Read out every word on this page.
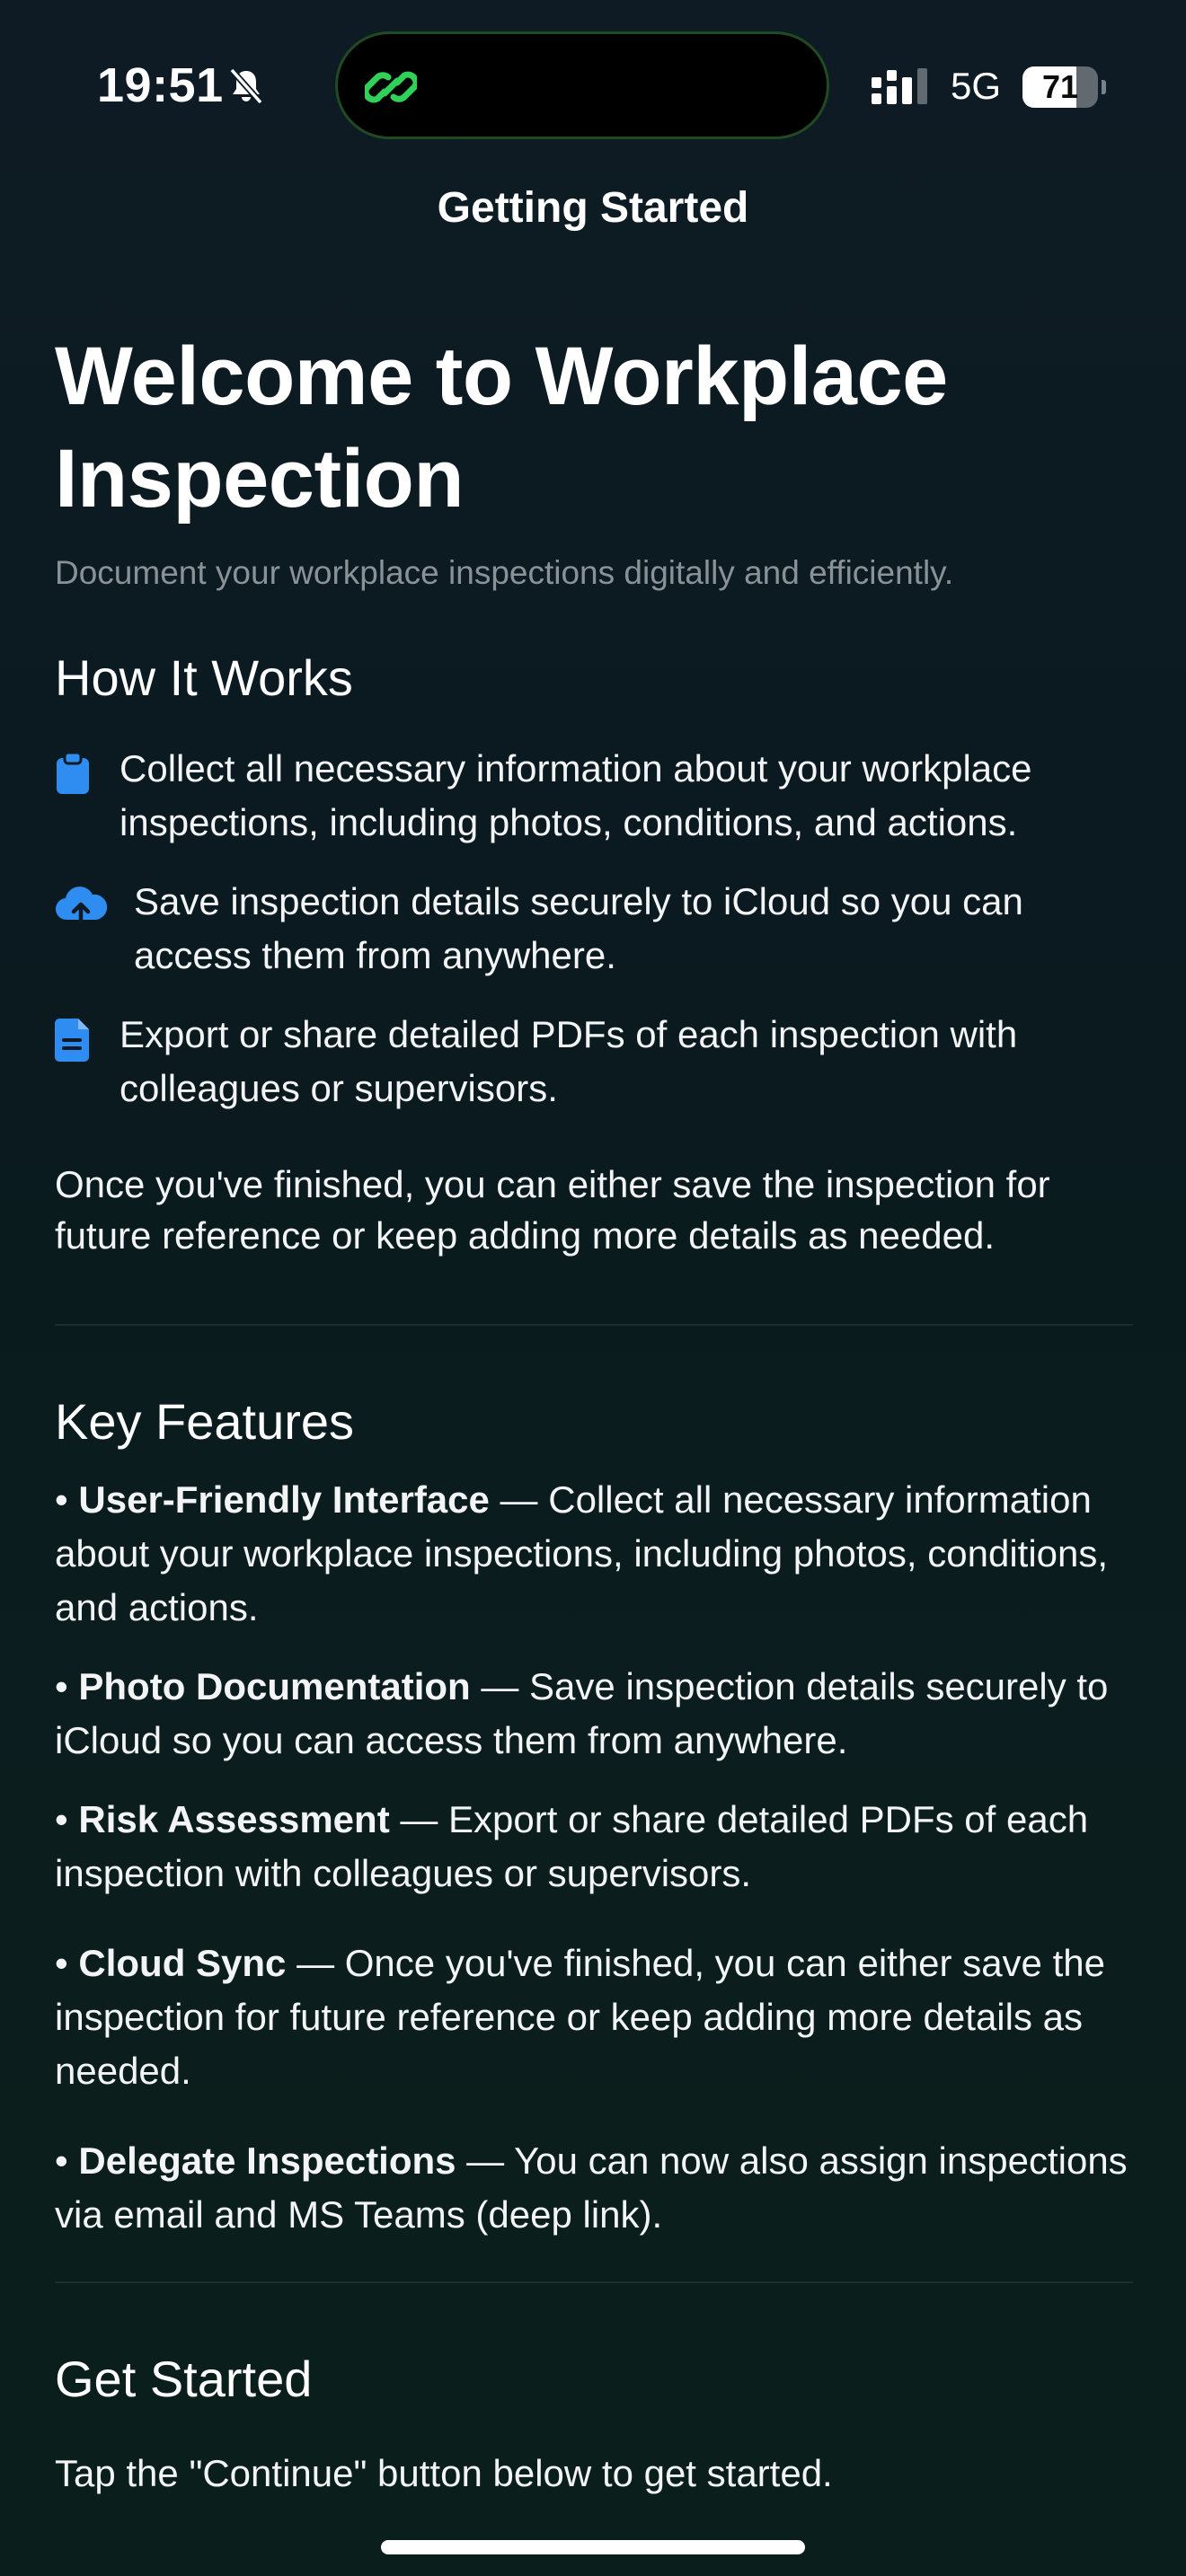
19:51	5G	71
Getting Started
Welcome to Workplace Inspection

Document your workplace inspections digitally and efficiently.

How It Works
Collect all necessary information about your workplace inspections, including photos, conditions, and actions.
Save inspection details securely to iCloud so you can access them from anywhere.
Export or share detailed PDFs of each inspection with colleagues or supervisors.

Once you've finished, you can either save the inspection for future reference or keep adding more details as needed.

Key Features
• User-Friendly Interface — Collect all necessary information about your workplace inspections, including photos, conditions, and actions.
• Photo Documentation — Save inspection details securely to iCloud so you can access them from anywhere.
• Risk Assessment — Export or share detailed PDFs of each inspection with colleagues or supervisors.
• Cloud Sync — Once you've finished, you can either save the inspection for future reference or keep adding more details as needed.
• Delegate Inspections — You can now also assign inspections via email and MS Teams (deep link).
Get Started

Tap the "Continue" button below to get started.
